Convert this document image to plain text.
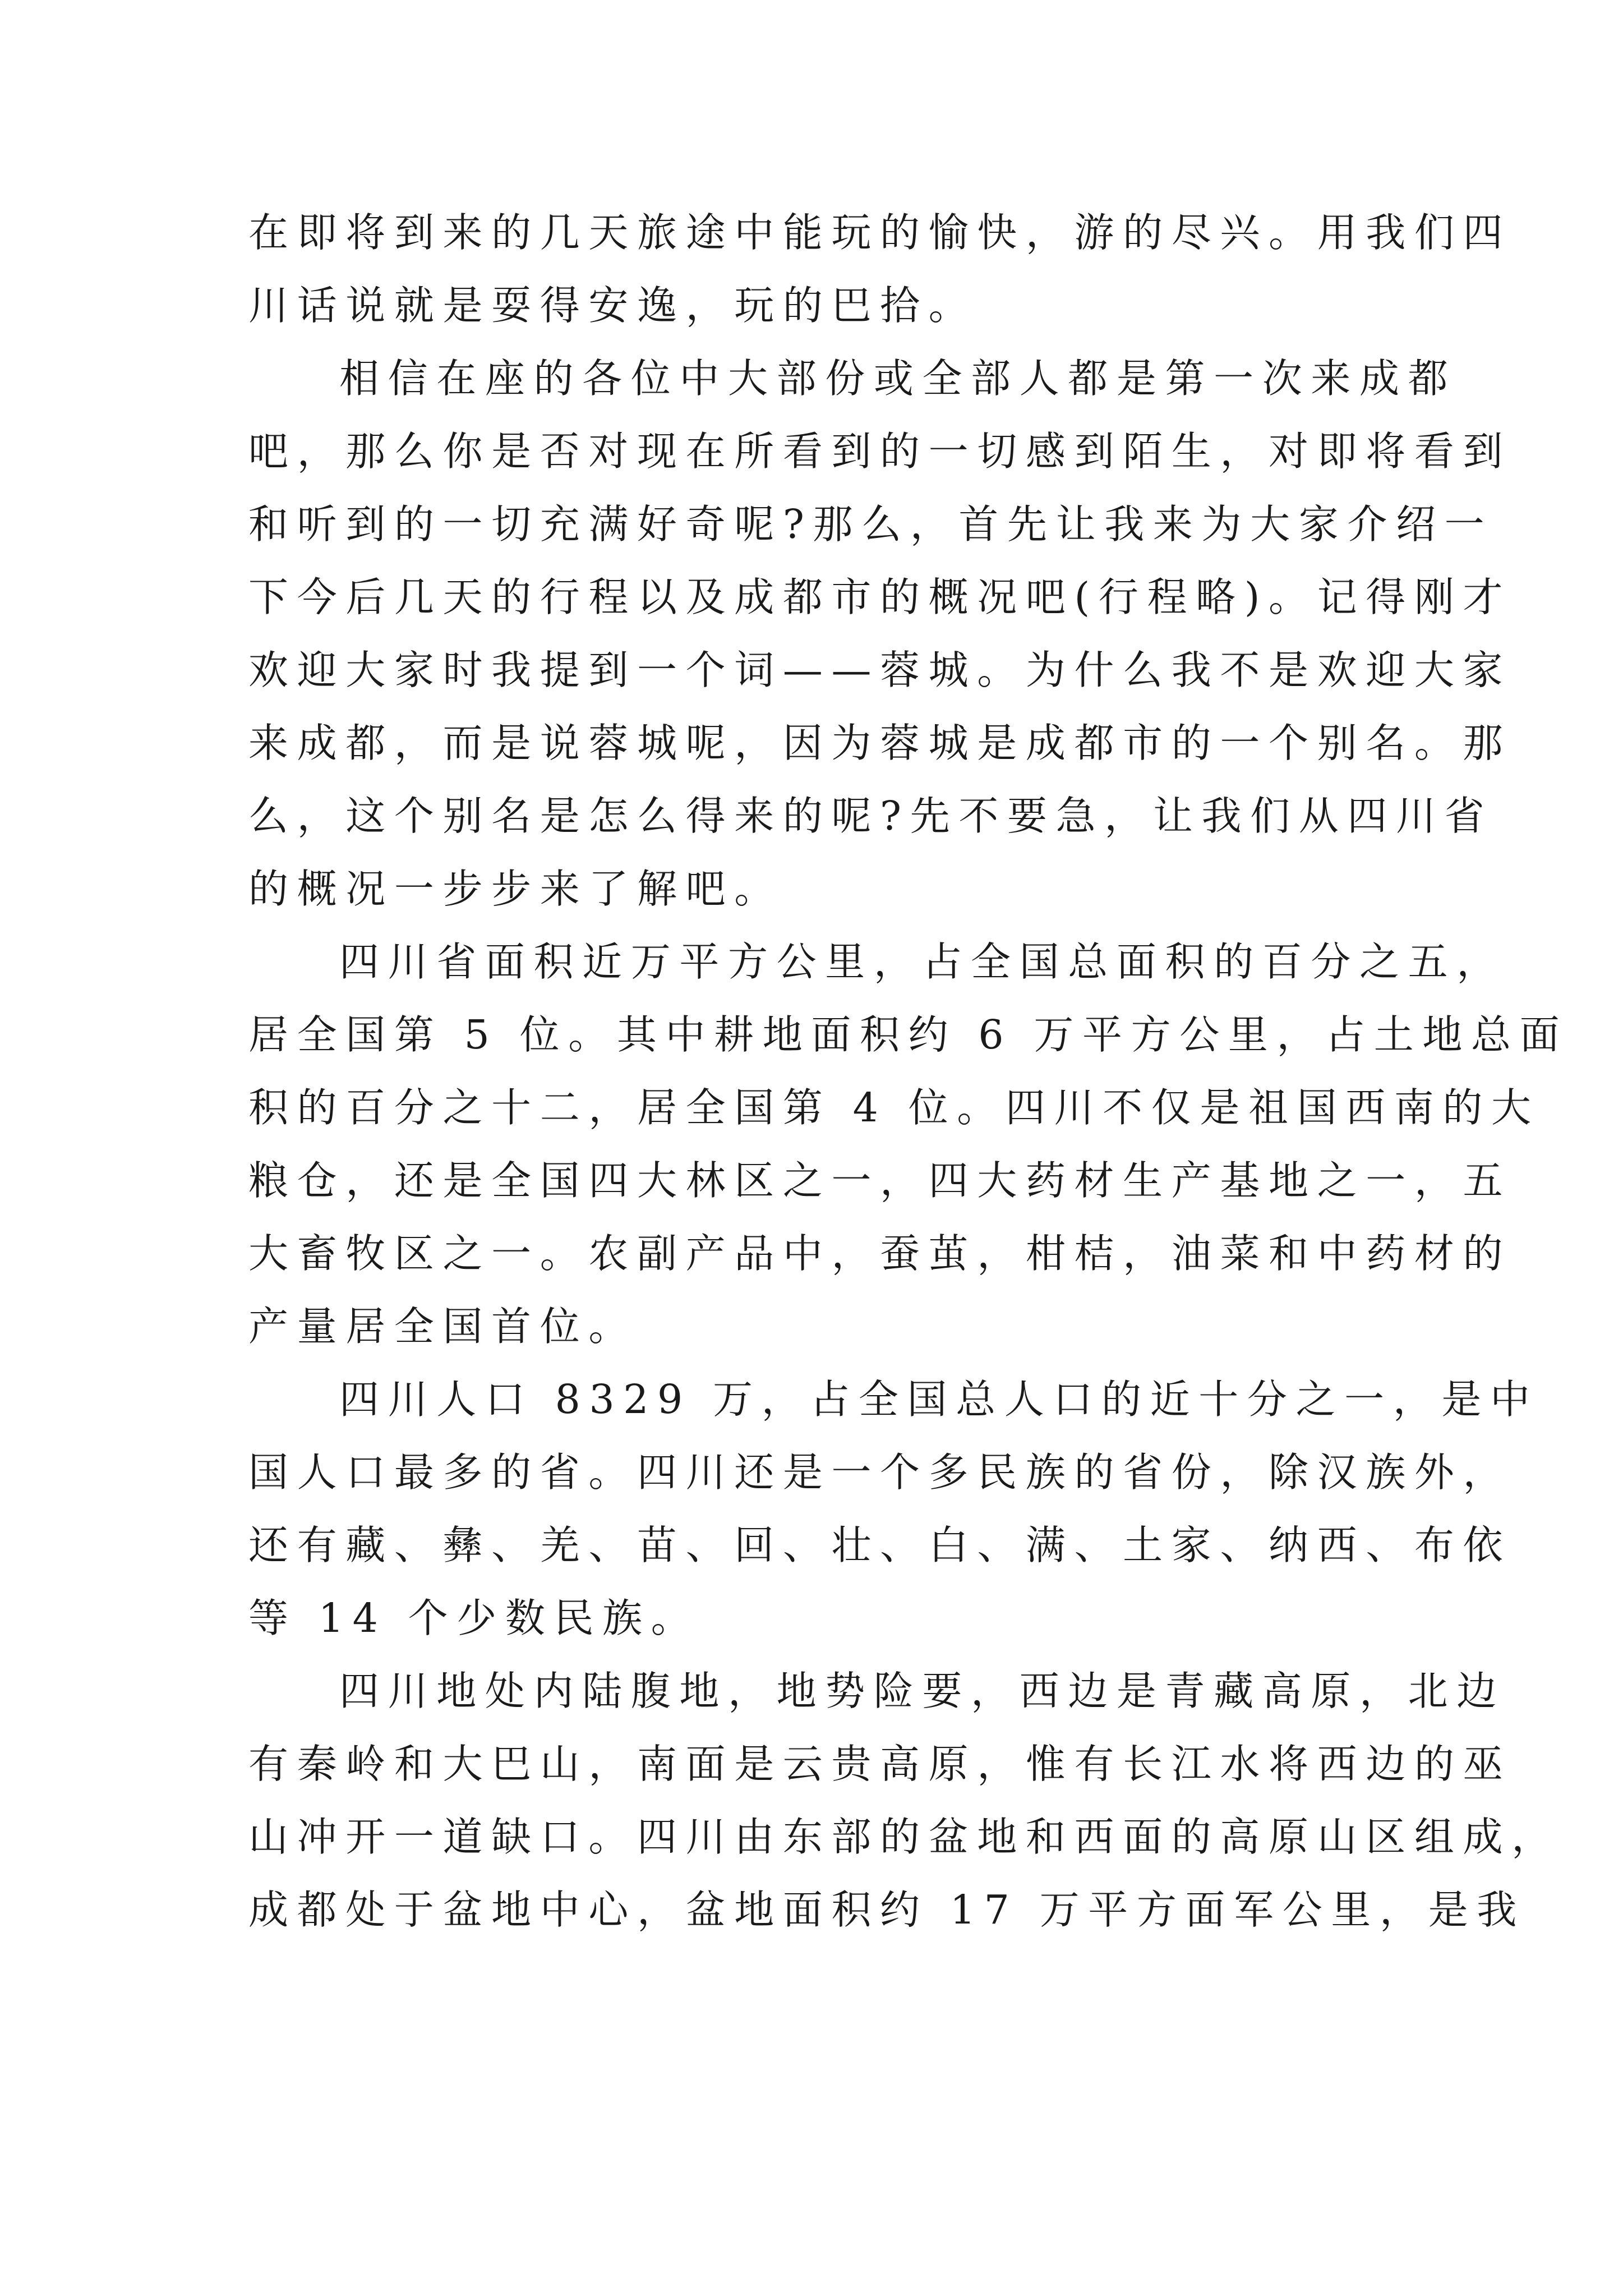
在即将到来的几天旅途中能玩的愉快，游的尽兴。用我们四
川话说就是耍得安逸，玩的巴拾。
相信在座的各位中大部份或全部人都是第一次来成都
吧，那么你是否对现在所看到的一切感到陌生，对即将看到
和听到的一切充满好奇呢?那么，首先让我来为大家介绍一
下今后几天的行程以及成都市的概况吧(行程略)。记得刚才
欢迎大家时我提到一个词——蓉城。为什么我不是欢迎大家
来成都，而是说蓉城呢，因为蓉城是成都市的一个别名。那
么，这个别名是怎么得来的呢?先不要急，让我们从四川省
的概况一步步来了解吧。
四川省面积近万平方公里，占全国总面积的百分之五，
居全国第 5 位。其中耕地面积约 6 万平方公里，占土地总面
积的百分之十二，居全国第 4 位。四川不仅是祖国西南的大
粮仓，还是全国四大林区之一，四大药材生产基地之一，五
大畜牧区之一。农副产品中，蚕茧，柑桔，油菜和中药材的
产量居全国首位。
四川人口 8329 万，占全国总人口的近十分之一，是中
国人口最多的省。四川还是一个多民族的省份，除汉族外，
还有藏、彝、羌、苗、回、壮、白、满、土家、纳西、布依
等 14 个少数民族。
四川地处内陆腹地，地势险要，西边是青藏高原，北边
有秦岭和大巴山，南面是云贵高原，惟有长江水将西边的巫
山冲开一道缺口。四川由东部的盆地和西面的高原山区组成，
成都处于盆地中心，盆地面积约 17 万平方面军公里，是我
